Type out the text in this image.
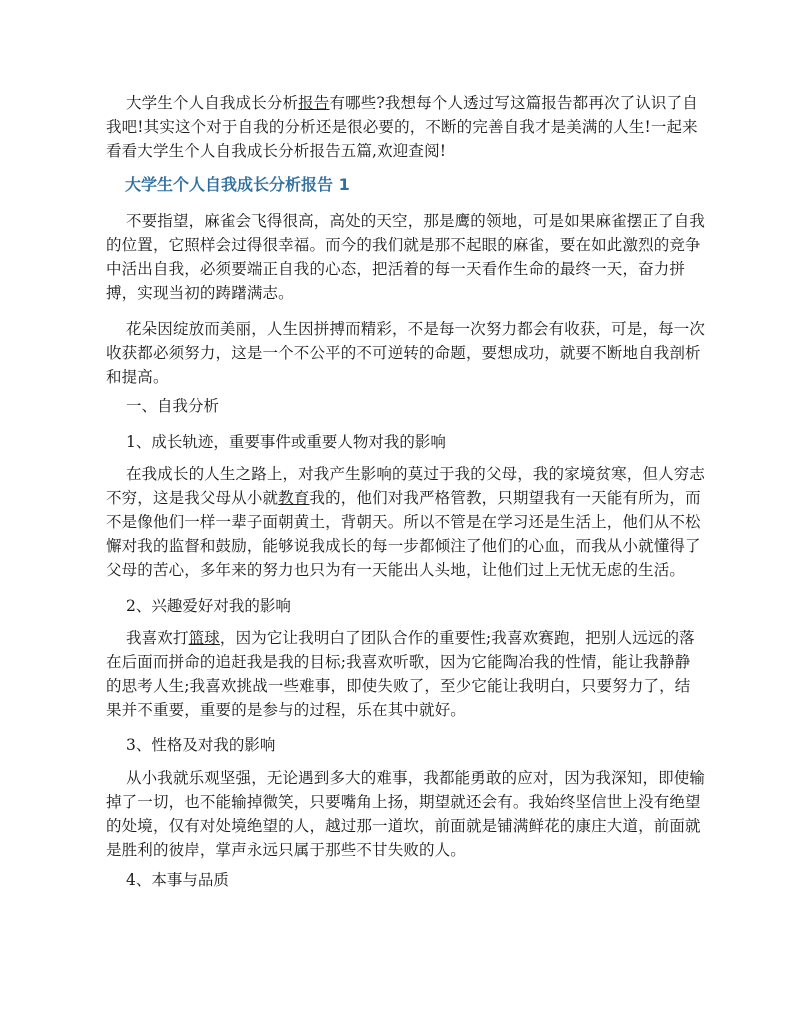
大学生个人自我成长分析报告有哪些?我想每个人透过写这篇报告都再次了认识了自我吧!其实这个对于自我的分析还是很必要的，不断的完善自我才是美满的人生!一起来看看大学生个人自我成长分析报告五篇,欢迎查阅!

大学生个人自我成长分析报告 1

不要指望，麻雀会飞得很高，高处的天空，那是鹰的领地，可是如果麻雀摆正了自我的位置，它照样会过得很幸福。而今的我们就是那不起眼的麻雀，要在如此激烈的竞争中活出自我，必须要端正自我的心态，把活着的每一天看作生命的最终一天，奋力拼搏，实现当初的踌躇满志。

花朵因绽放而美丽，人生因拼搏而精彩，不是每一次努力都会有收获，可是，每一次收获都必须努力，这是一个不公平的不可逆转的命题，要想成功，就要不断地自我剖析和提高。

一、自我分析

1、成长轨迹，重要事件或重要人物对我的影响

在我成长的人生之路上，对我产生影响的莫过于我的父母，我的家境贫寒，但人穷志不穷，这是我父母从小就教育我的，他们对我严格管教，只期望我有一天能有所为，而不是像他们一样一辈子面朝黄土，背朝天。所以不管是在学习还是生活上，他们从不松懈对我的监督和鼓励，能够说我成长的每一步都倾注了他们的心血，而我从小就懂得了父母的苦心，多年来的努力也只为有一天能出人头地，让他们过上无忧无虑的生活。

2、兴趣爱好对我的影响

我喜欢打篮球，因为它让我明白了团队合作的重要性;我喜欢赛跑，把别人远远的落在后面而拼命的追赶我是我的目标;我喜欢听歌，因为它能陶冶我的性情，能让我静静的思考人生;我喜欢挑战一些难事，即使失败了，至少它能让我明白，只要努力了，结果并不重要，重要的是参与的过程，乐在其中就好。

3、性格及对我的影响

从小我就乐观坚强，无论遇到多大的难事，我都能勇敢的应对，因为我深知，即使输掉了一切，也不能输掉微笑，只要嘴角上扬，期望就还会有。我始终坚信世上没有绝望的处境，仅有对处境绝望的人，越过那一道坎，前面就是铺满鲜花的康庄大道，前面就是胜利的彼岸，掌声永远只属于那些不甘失败的人。

4、本事与品质
